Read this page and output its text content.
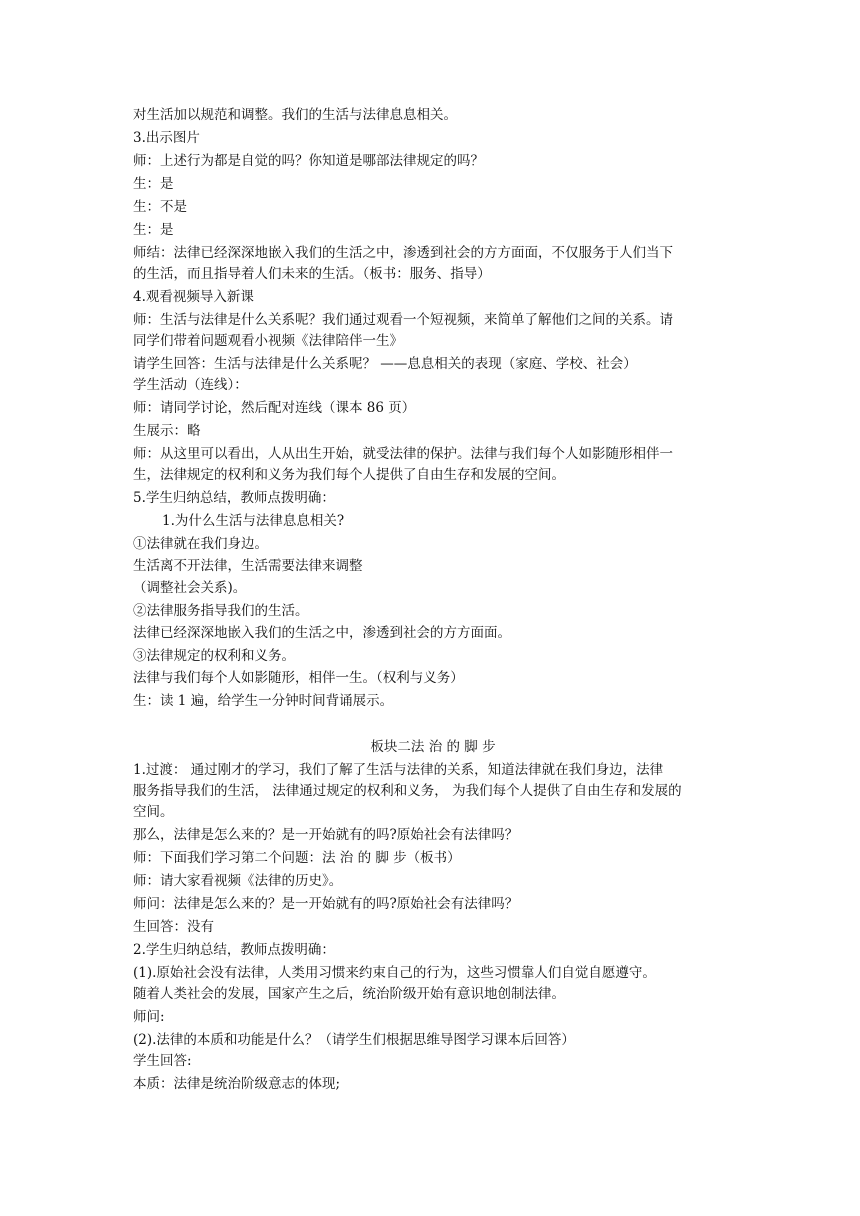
对生活加以规范和调整。我们的生活与法律息息相关。
3.出示图片
师：上述行为都是自觉的吗？你知道是哪部法律规定的吗？
生：是
生：不是
生：是
师结：法律已经深深地嵌入我们的生活之中，渗透到社会的方方面面，不仅服务于人们当下
的生活，而且指导着人们未来的生活。（板书：服务、指导）
4.观看视频导入新课
师：生活与法律是什么关系呢？我们通过观看一个短视频，来简单了解他们之间的关系。请
同学们带着问题观看小视频《法律陪伴一生》
请学生回答：生活与法律是什么关系呢？ ——息息相关的表现（家庭、学校、社会）
学生活动（连线）：
师：请同学讨论，然后配对连线（课本 86 页）
生展示：略
师：从这里可以看出，人从出生开始，就受法律的保护。法律与我们每个人如影随形相伴一
生，法律规定的权利和义务为我们每个人提供了自由生存和发展的空间。
5.学生归纳总结，教师点拨明确：
1.为什么生活与法律息息相关?
①法律就在我们身边。
生活离不开法律，生活需要法律来调整
（调整社会关系)。
②法律服务指导我们的生活。
法律已经深深地嵌入我们的生活之中，渗透到社会的方方面面。
③法律规定的权利和义务。
法律与我们每个人如影随形，相伴一生。（权利与义务）
生：读 1 遍，给学生一分钟时间背诵展示。
板块二法 治 的 脚 步
1.过渡： 通过刚才的学习，我们了解了生活与法律的关系，知道法律就在我们身边，法律
服务指导我们的生活， 法律通过规定的权利和义务， 为我们每个人提供了自由生存和发展的
空间。
那么，法律是怎么来的？是一开始就有的吗?原始社会有法律吗？
师：下面我们学习第二个问题：法 治 的 脚 步（板书）
师：请大家看视频《法律的历史》。
师问：法律是怎么来的？是一开始就有的吗?原始社会有法律吗？
生回答：没有
2.学生归纳总结，教师点拨明确：
(1).原始社会没有法律，人类用习惯来约束自己的行为，这些习惯靠人们自觉自愿遵守。
随着人类社会的发展，国家产生之后，统治阶级开始有意识地创制法律。
师问:
(2).法律的本质和功能是什么？（请学生们根据思维导图学习课本后回答）
学生回答:
本质：法律是统治阶级意志的体现;
